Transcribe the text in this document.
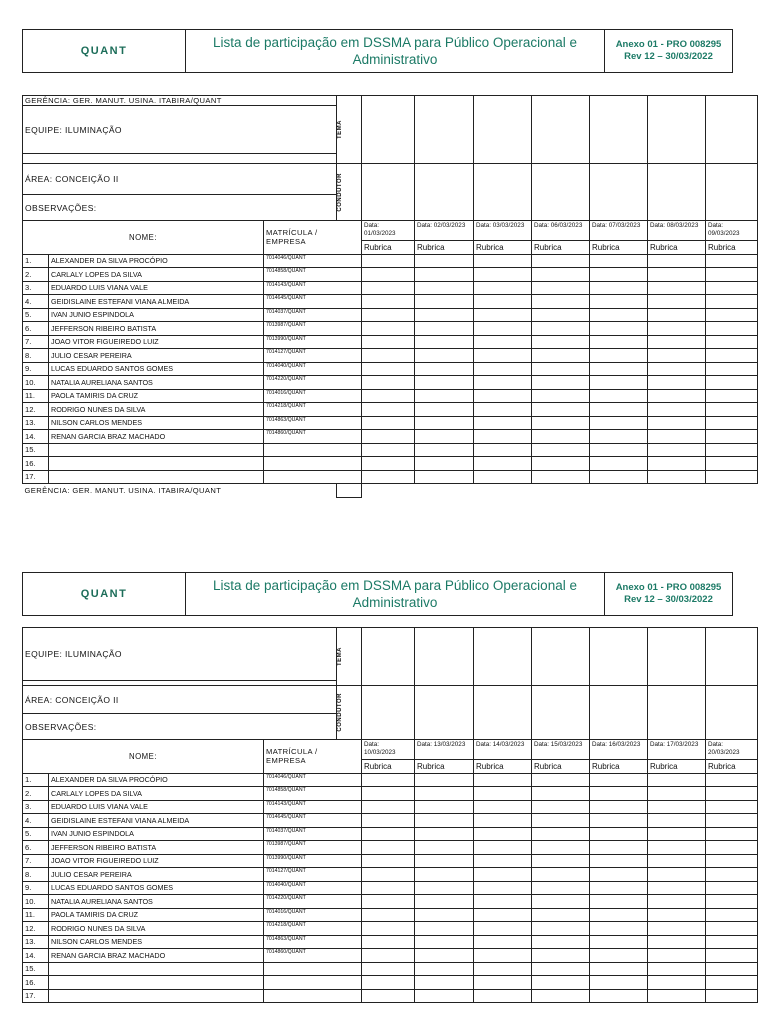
QUANT
Lista de participação em DSSMA para Público Operacional e Administrativo
Anexo 01 - PRO 008295
Rev 12 – 30/03/2022
GERÊNCIA: GER. MANUT. USINA. ITABIRA/QUANT			TEMA							

EQUIPE: ILUMINAÇÃO										

ÁREA: CONCEIÇÃO II			CONDUTOR							

OBSERVAÇÕES:										
NOME:		MATRÍCULA / EMPRESA		Data: 01/03/2023	Data: 02/03/2023	Data: 03/03/2023	Data: 06/03/2023	Data: 07/03/2023	Data: 08/03/2023	Data: 09/03/2023
				Rubrica	Rubrica	Rubrica	Rubrica	Rubrica	Rubrica	Rubrica
1.	ALEXANDER DA SILVA PROCÓPIO	7014046/QUANT								
2.	CARLALY LOPES DA SILVA	7014858/QUANT								
3.	EDUARDO LUIS VIANA VALE	7014143/QUANT								
4.	GEIDISLAINE ESTEFANI VIANA ALMEIDA	7014645/QUANT								
5.	IVAN JUNIO ESPINDOLA	7014037/QUANT								
6.	JEFFERSON RIBEIRO BATISTA	7013987/QUANT								
7.	JOAO VITOR FIGUEIREDO LUIZ	7013990/QUANT								
8.	JULIO CESAR PEREIRA	7014127/QUANT								
9.	LUCAS EDUARDO SANTOS GOMES	7014040/QUANT								
10.	NATALIA AURELIANA SANTOS	7014220/QUANT								
11.	PAOLA TAMIRIS DA CRUZ	7014016/QUANT								
12.	RODRIGO NUNES DA SILVA	7014218/QUANT								
13.	NILSON CARLOS MENDES	7014863/QUANT								
14.	RENAN GARCIA BRAZ MACHADO	7014860/QUANT								
15.										
16.										
17.										
GERÊNCIA: GER. MANUT. USINA. ITABIRA/QUANT										
QUANT
Lista de participação em DSSMA para Público Operacional e Administrativo
Anexo 01 - PRO 008295
Rev 12 – 30/03/2022
EQUIPE: ILUMINAÇÃO			TEMA							

ÁREA: CONCEIÇÃO II			CONDUTOR							

OBSERVAÇÕES:										
NOME:		MATRÍCULA / EMPRESA		Data: 10/03/2023	Data: 13/03/2023	Data: 14/03/2023	Data: 15/03/2023	Data: 16/03/2023	Data: 17/03/2023	Data: 20/03/2023
				Rubrica	Rubrica	Rubrica	Rubrica	Rubrica	Rubrica	Rubrica
1.	ALEXANDER DA SILVA PROCÓPIO	7014046/QUANT								
2.	CARLALY LOPES DA SILVA	7014858/QUANT								
3.	EDUARDO LUIS VIANA VALE	7014143/QUANT								
4.	GEIDISLAINE ESTEFANI VIANA ALMEIDA	7014645/QUANT								
5.	IVAN JUNIO ESPINDOLA	7014037/QUANT								
6.	JEFFERSON RIBEIRO BATISTA	7013987/QUANT								
7.	JOAO VITOR FIGUEIREDO LUIZ	7013990/QUANT								
8.	JULIO CESAR PEREIRA	7014127/QUANT								
9.	LUCAS EDUARDO SANTOS GOMES	7014040/QUANT								
10.	NATALIA AURELIANA SANTOS	7014220/QUANT								
11.	PAOLA TAMIRIS DA CRUZ	7014016/QUANT								
12.	RODRIGO NUNES DA SILVA	7014218/QUANT								
13.	NILSON CARLOS MENDES	7014863/QUANT								
14.	RENAN GARCIA BRAZ MACHADO	7014860/QUANT								
15.										
16.										
17.										
